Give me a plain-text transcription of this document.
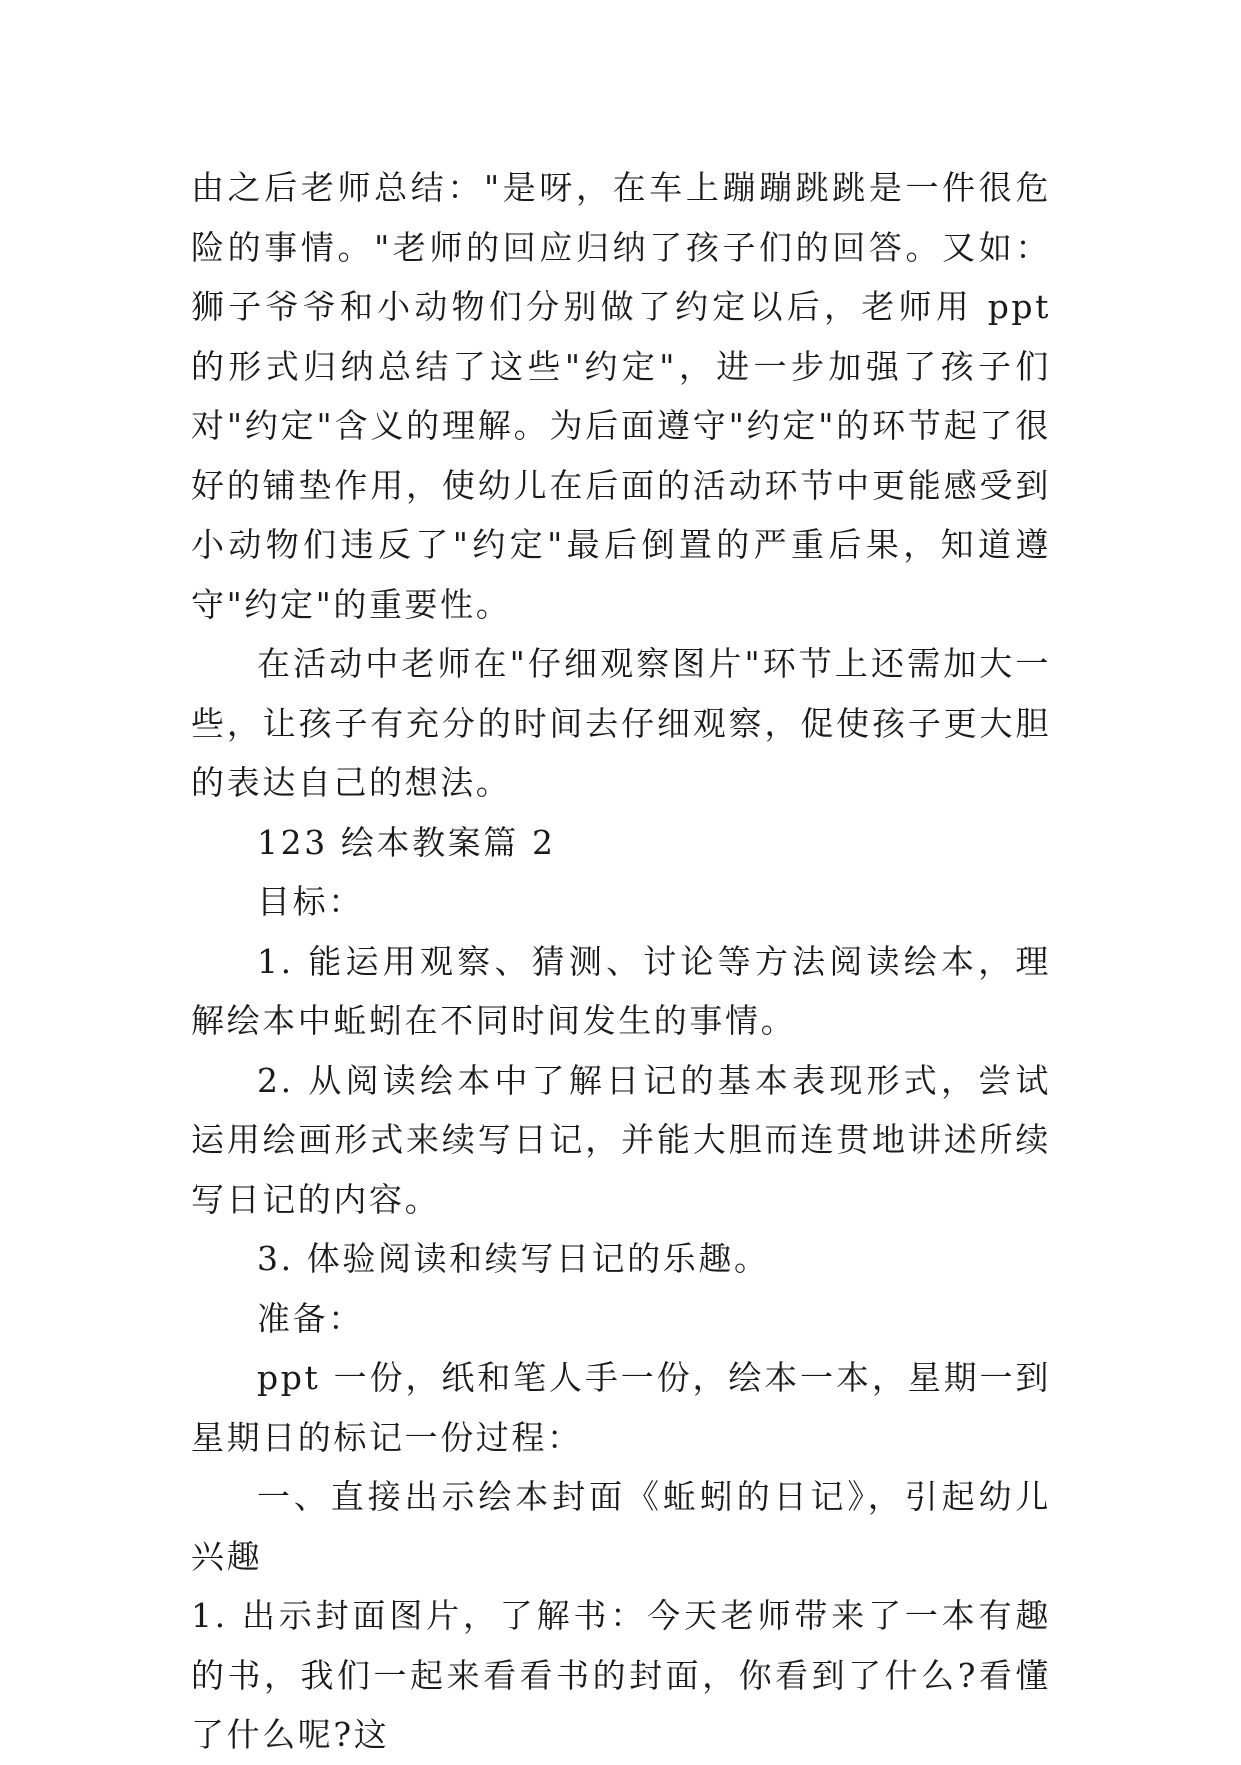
由之后老师总结："是呀，在车上蹦蹦跳跳是一件很危险的事情。"老师的回应归纳了孩子们的回答。又如：狮子爷爷和小动物们分别做了约定以后，老师用 ppt 的形式归纳总结了这些"约定"，进一步加强了孩子们对"约定"含义的理解。为后面遵守"约定"的环节起了很好的铺垫作用，使幼儿在后面的活动环节中更能感受到小动物们违反了"约定"最后倒置的严重后果，知道遵守"约定"的重要性。

在活动中老师在"仔细观察图片"环节上还需加大一些，让孩子有充分的时间去仔细观察，促使孩子更大胆的表达自己的想法。

123 绘本教案篇 2

目标：

1. 能运用观察、猜测、讨论等方法阅读绘本，理解绘本中蚯蚓在不同时间发生的事情。

2. 从阅读绘本中了解日记的基本表现形式，尝试运用绘画形式来续写日记，并能大胆而连贯地讲述所续写日记的内容。

3. 体验阅读和续写日记的乐趣。

准备：

ppt 一份，纸和笔人手一份，绘本一本，星期一到星期日的标记一份过程：

一、直接出示绘本封面《蚯蚓的日记》，引起幼儿兴趣

1. 出示封面图片，了解书：今天老师带来了一本有趣的书，我们一起来看看书的封面，你看到了什么?看懂了什么呢?这
